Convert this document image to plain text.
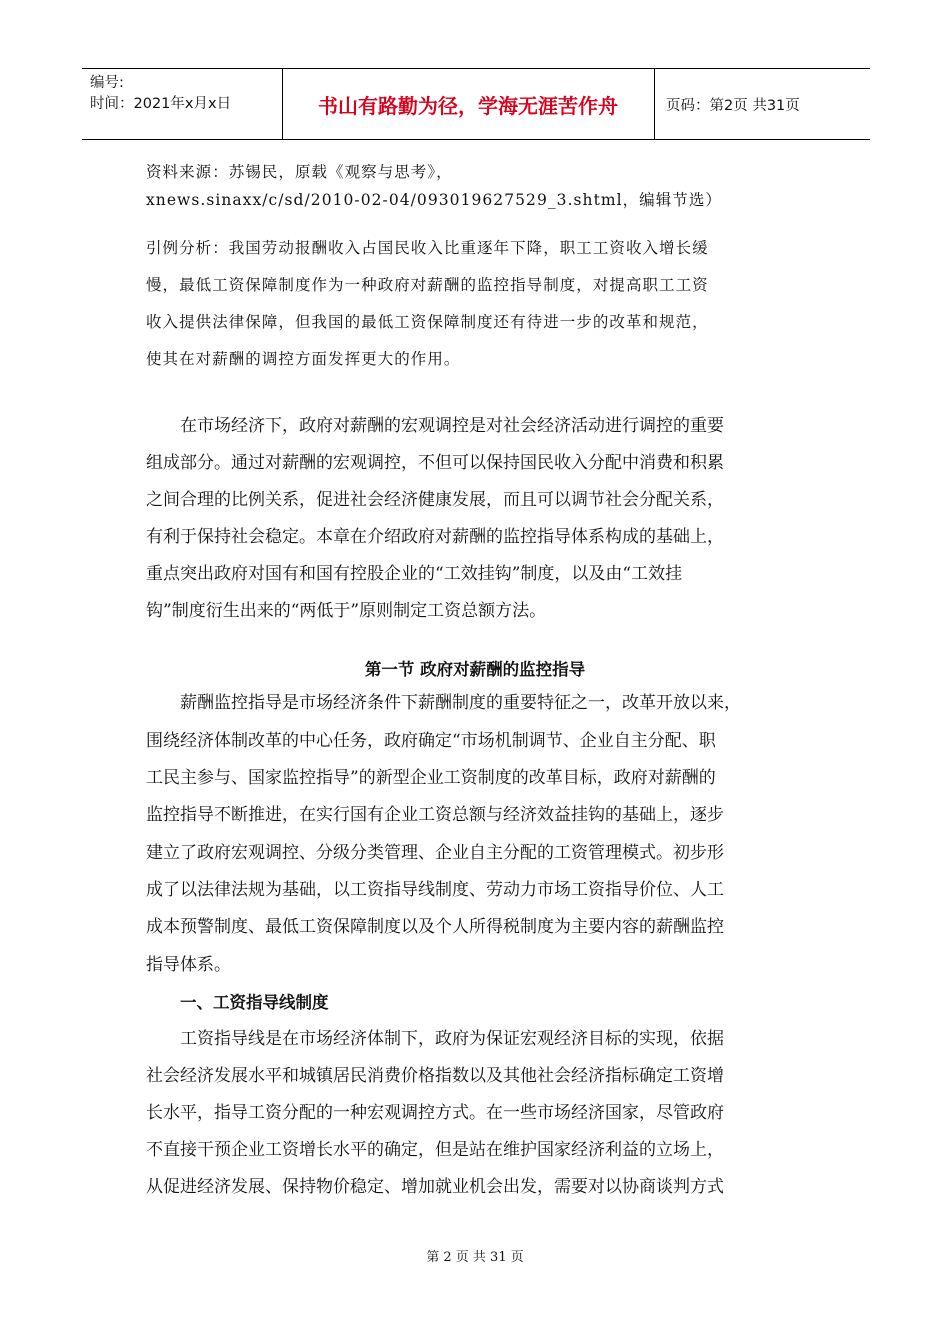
编号:
时间：2021年x月x日	书山有路勤为径，学海无涯苦作舟	页码：第2页 共31页
资料来源：苏锡民，原载《观察与思考》，
xnews.sinaxx/c/sd/2010-02-04/093019627529_3.shtml，编辑节选）
引例分析：我国劳动报酬收入占国民收入比重逐年下降，职工工资收入增长缓
慢，最低工资保障制度作为一种政府对薪酬的监控指导制度，对提高职工工资
收入提供法律保障，但我国的最低工资保障制度还有待进一步的改革和规范，
使其在对薪酬的调控方面发挥更大的作用。
在市场经济下，政府对薪酬的宏观调控是对社会经济活动进行调控的重要
组成部分。通过对薪酬的宏观调控，不但可以保持国民收入分配中消费和积累
之间合理的比例关系，促进社会经济健康发展，而且可以调节社会分配关系，
有利于保持社会稳定。本章在介绍政府对薪酬的监控指导体系构成的基础上，
重点突出政府对国有和国有控股企业的“工效挂钩”制度，以及由“工效挂
钩”制度衍生出来的“两低于”原则制定工资总额方法。
第一节 政府对薪酬的监控指导
薪酬监控指导是市场经济条件下薪酬制度的重要特征之一，改革开放以来，
围绕经济体制改革的中心任务，政府确定“市场机制调节、企业自主分配、职
工民主参与、国家监控指导”的新型企业工资制度的改革目标，政府对薪酬的
监控指导不断推进，在实行国有企业工资总额与经济效益挂钩的基础上，逐步
建立了政府宏观调控、分级分类管理、企业自主分配的工资管理模式。初步形
成了以法律法规为基础，以工资指导线制度、劳动力市场工资指导价位、人工
成本预警制度、最低工资保障制度以及个人所得税制度为主要内容的薪酬监控
指导体系。
一、工资指导线制度
工资指导线是在市场经济体制下，政府为保证宏观经济目标的实现，依据
社会经济发展水平和城镇居民消费价格指数以及其他社会经济指标确定工资增
长水平，指导工资分配的一种宏观调控方式。在一些市场经济国家，尽管政府
不直接干预企业工资增长水平的确定，但是站在维护国家经济利益的立场上，
从促进经济发展、保持物价稳定、增加就业机会出发，需要对以协商谈判方式
第 2 页 共 31 页
